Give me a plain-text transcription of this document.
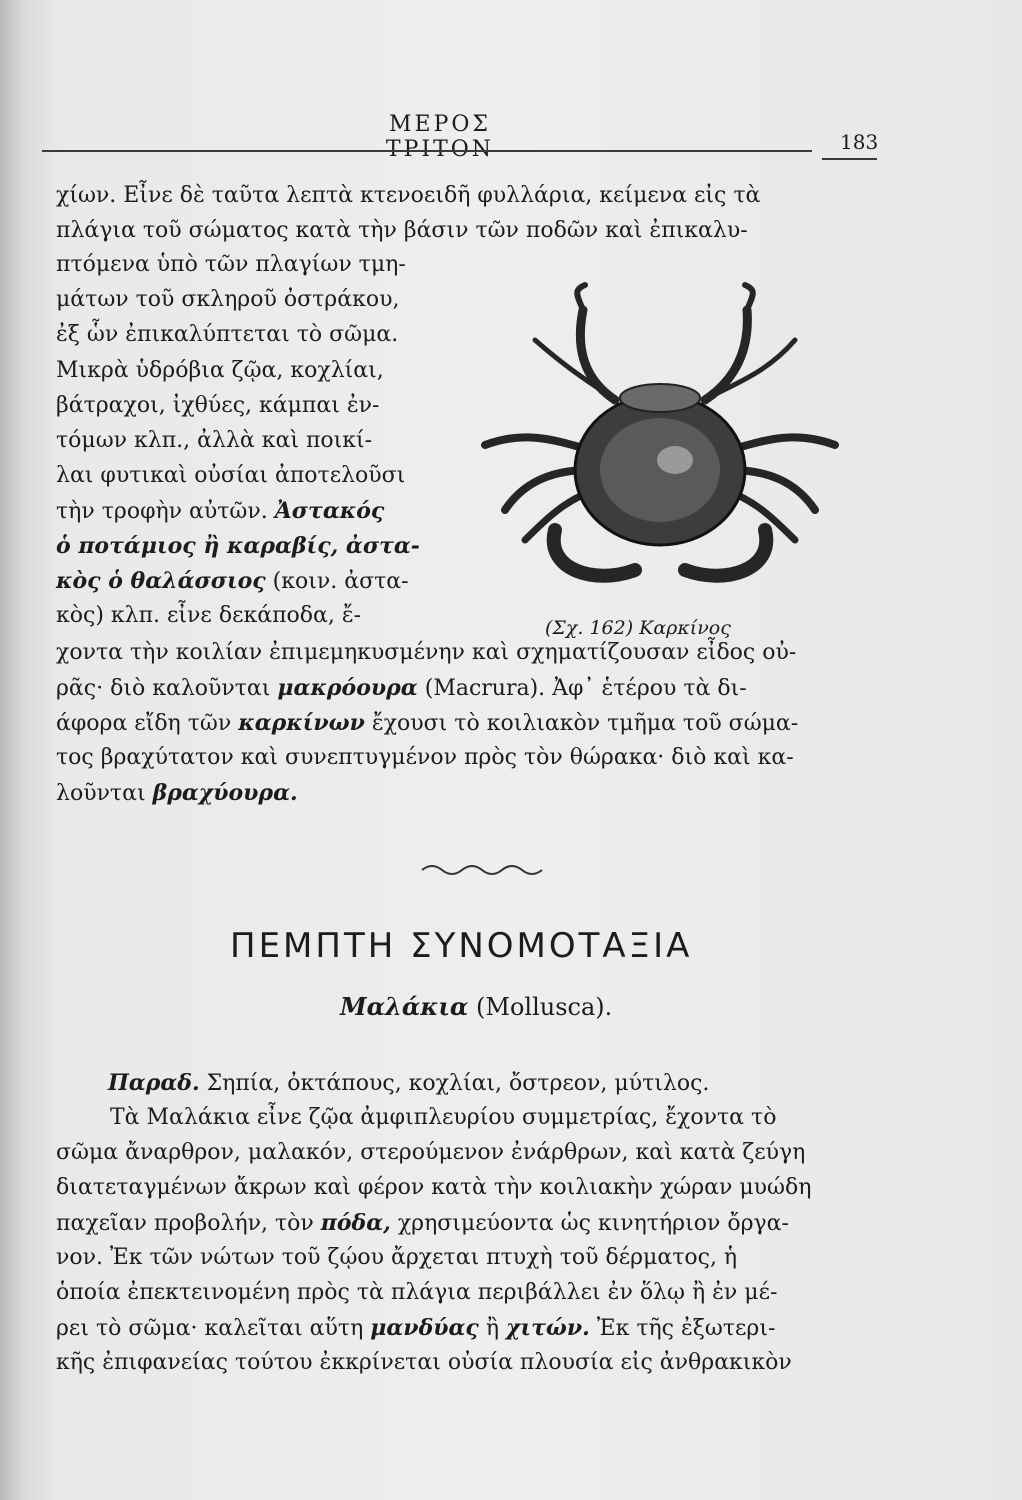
ΜΕΡΟΣ ΤΡΙΤΟΝ	183
χίων. Εἶνε δὲ ταῦτα λεπτὰ κτενοειδῆ φυλλάρια, κείμενα εἰς τὰ
πλάγια τοῦ σώματος κατὰ τὴν βάσιν τῶν ποδῶν καὶ ἐπικαλυ-
πτόμενα ὑπὸ τῶν πλαγίων τμη-
μάτων τοῦ σκληροῦ ὀστράκου,
ἐξ ὧν ἐπικαλύπτεται τὸ σῶμα.
Μικρὰ ὑδρόβια ζῷα, κοχλίαι,
βάτραχοι, ἰχθύες, κάμπαι ἐν-
τόμων κλπ., ἀλλὰ καὶ ποικί-
λαι φυτικαὶ οὐσίαι ἀποτελοῦσι
τὴν τροφὴν αὐτῶν. Ἀστακός
ὁ ποτάμιος ἢ καραβίς, ἀστα-
κὸς ὁ θαλάσσιος (κοιν. ἀστα-
κὸς) κλπ. εἶνε δεκάποδα, ἔ-
χοντα τὴν κοιλίαν ἐπιμεμηκυσμένην καὶ σχηματίζουσαν εἶδος οὐ-
ρᾶς· διὸ καλοῦνται μακρόουρα (Macrura). Ἀφ᾿ ἑτέρου τὰ δι-
άφορα εἴδη τῶν καρκίνων ἔχουσι τὸ κοιλιακὸν τμῆμα τοῦ σώμα-
τος βραχύτατον καὶ συνεπτυγμένον πρὸς τὸν θώρακα· διὸ καὶ κα-
λοῦνται βραχύουρα.
(Σχ. 162) Καρκίνος
ΠΕΜΠΤΗ ΣΥΝΟΜΟΤΑΞΙΑ
Μαλάκια (Mollusca).
Παραδ. Σηπία, ὀκτάπους, κοχλίαι, ὄστρεον, μύτιλος.
Τὰ Μαλάκια εἶνε ζῷα ἀμφιπλευρίου συμμετρίας, ἔχοντα τὸ
σῶμα ἄναρθρον, μαλακόν, στερούμενον ἐνάρθρων, καὶ κατὰ ζεύγη
διατεταγμένων ἄκρων καὶ φέρον κατὰ τὴν κοιλιακὴν χώραν μυώδη
παχεῖαν προβολήν, τὸν πόδα, χρησιμεύοντα ὡς κινητήριον ὄργα-
νον. Ἐκ τῶν νώτων τοῦ ζῴου ἄρχεται πτυχὴ τοῦ δέρματος, ἡ
ὁποία ἐπεκτεινομένη πρὸς τὰ πλάγια περιβάλλει ἐν ὅλῳ ἢ ἐν μέ-
ρει τὸ σῶμα· καλεῖται αὕτη μανδύας ἢ χιτών. Ἐκ τῆς ἐξωτερι-
κῆς ἐπιφανείας τούτου ἐκκρίνεται οὐσία πλουσία εἰς ἀνθρακικὸν
